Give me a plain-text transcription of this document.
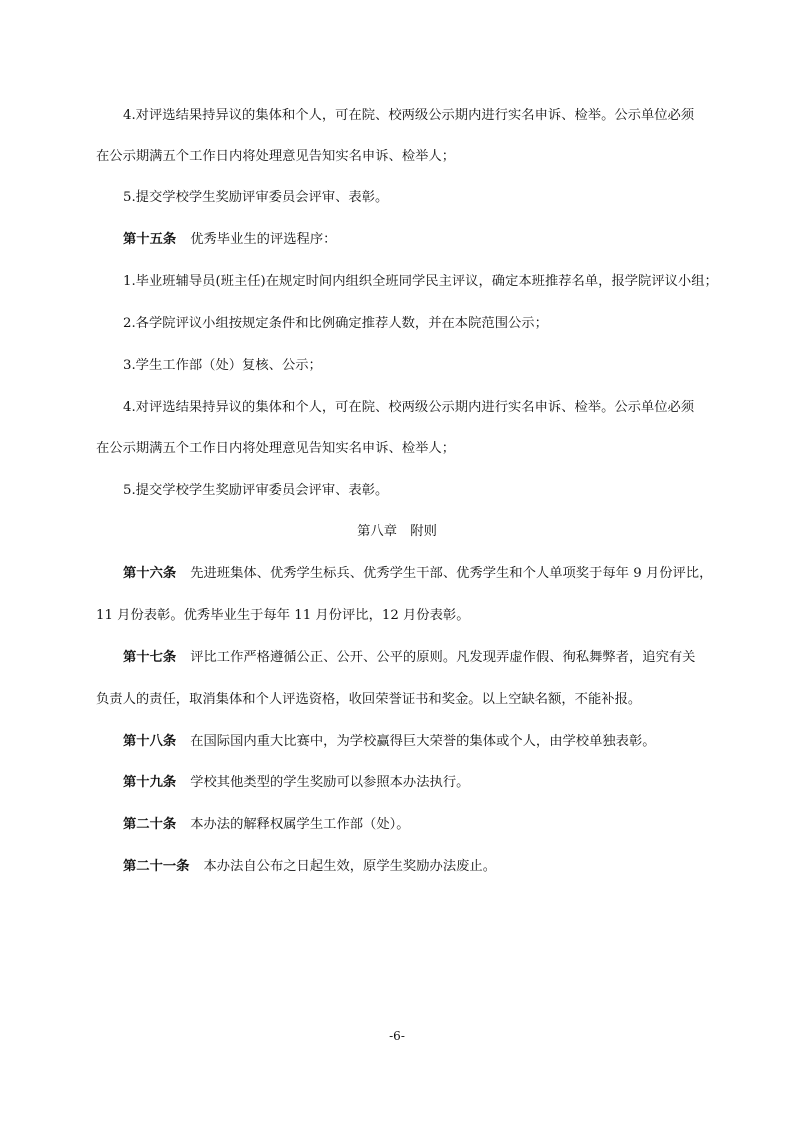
4.对评选结果持异议的集体和个人，可在院、校两级公示期内进行实名申诉、检举。公示单位必须
在公示期满五个工作日内将处理意见告知实名申诉、检举人；
5.提交学校学生奖励评审委员会评审、表彰。
第十五条 优秀毕业生的评选程序：
1.毕业班辅导员(班主任)在规定时间内组织全班同学民主评议，确定本班推荐名单，报学院评议小组；
2.各学院评议小组按规定条件和比例确定推荐人数，并在本院范围公示；
3.学生工作部（处）复核、公示；
4.对评选结果持异议的集体和个人，可在院、校两级公示期内进行实名申诉、检举。公示单位必须
在公示期满五个工作日内将处理意见告知实名申诉、检举人；
5.提交学校学生奖励评审委员会评审、表彰。
第八章　附则
第十六条 先进班集体、优秀学生标兵、优秀学生干部、优秀学生和个人单项奖于每年 9 月份评比，
11 月份表彰。优秀毕业生于每年 11 月份评比，12 月份表彰。
第十七条 评比工作严格遵循公正、公开、公平的原则。凡发现弄虚作假、徇私舞弊者，追究有关
负责人的责任，取消集体和个人评选资格，收回荣誉证书和奖金。以上空缺名额，不能补报。
第十八条 在国际国内重大比赛中，为学校赢得巨大荣誉的集体或个人，由学校单独表彰。
第十九条 学校其他类型的学生奖励可以参照本办法执行。
第二十条 本办法的解释权属学生工作部（处）。
第二十一条 本办法自公布之日起生效，原学生奖励办法废止。
-6-
